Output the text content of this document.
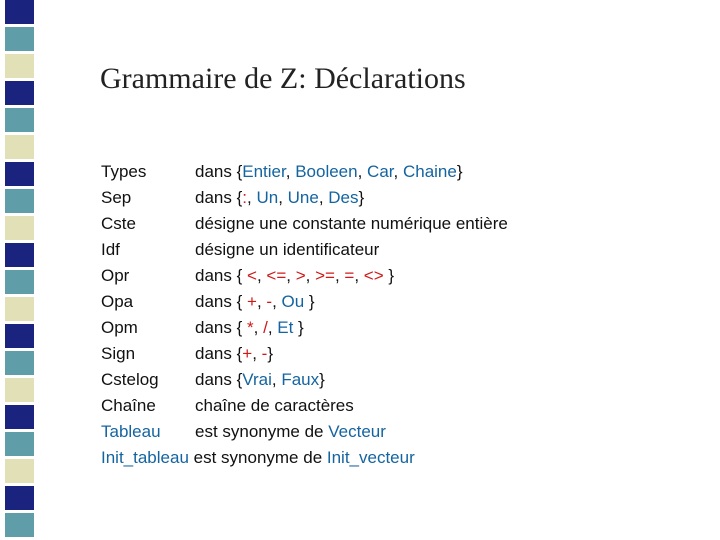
Grammaire de Z: Déclarations
Types	dans {Entier, Booleen, Car, Chaine}
Sep	dans {:, Un, Une, Des}
Cste	désigne une constante numérique entière
Idf	désigne un identificateur
Opr	dans { <, <=, >, >=, =, <> }
Opa	dans { +, -, Ou }
Opm	dans { *, /, Et }
Sign	dans {+, -}
Cstelog dans {Vrai, Faux}
Chaîne chaîne de caractères
Tableau est synonyme de Vecteur
Init_tableau est synonyme de Init_vecteur
